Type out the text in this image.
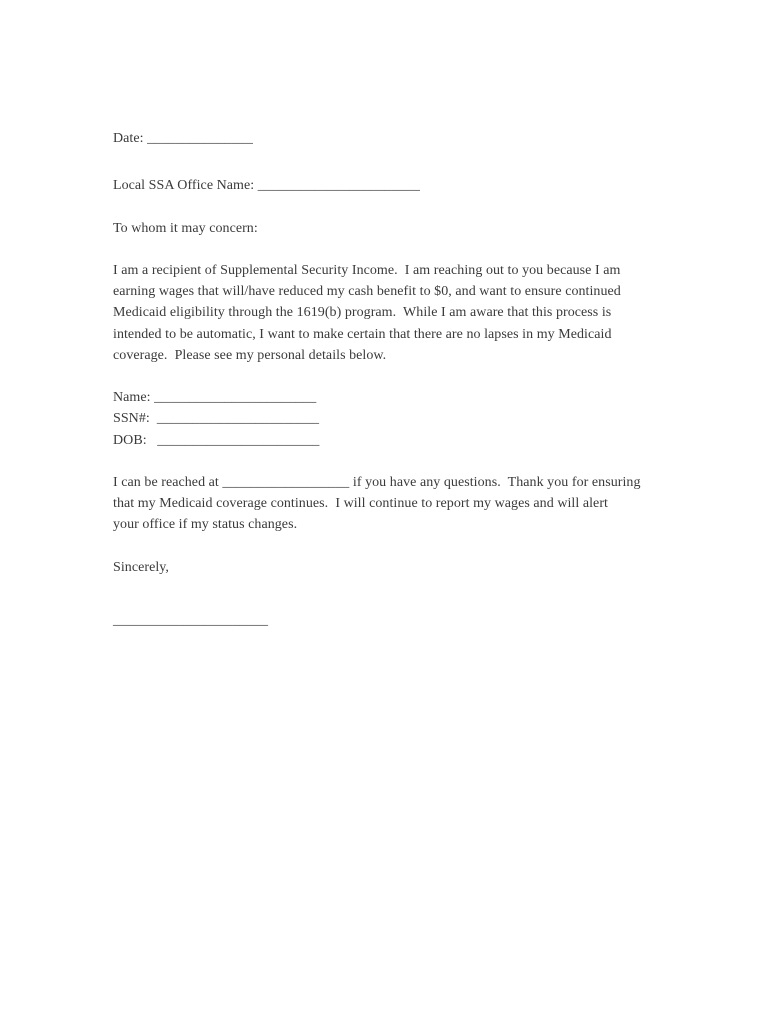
Date: _______________
Local SSA Office Name: _______________________
To whom it may concern:
I am a recipient of Supplemental Security Income.  I am reaching out to you because I am
earning wages that will/have reduced my cash benefit to $0, and want to ensure continued
Medicaid eligibility through the 1619(b) program.  While I am aware that this process is
intended to be automatic, I want to make certain that there are no lapses in my Medicaid
coverage.  Please see my personal details below.
Name: _______________________
SSN#:  _______________________
DOB:   _______________________
I can be reached at __________________ if you have any questions.  Thank you for ensuring
that my Medicaid coverage continues.  I will continue to report my wages and will alert
your office if my status changes.
Sincerely,
______________________
